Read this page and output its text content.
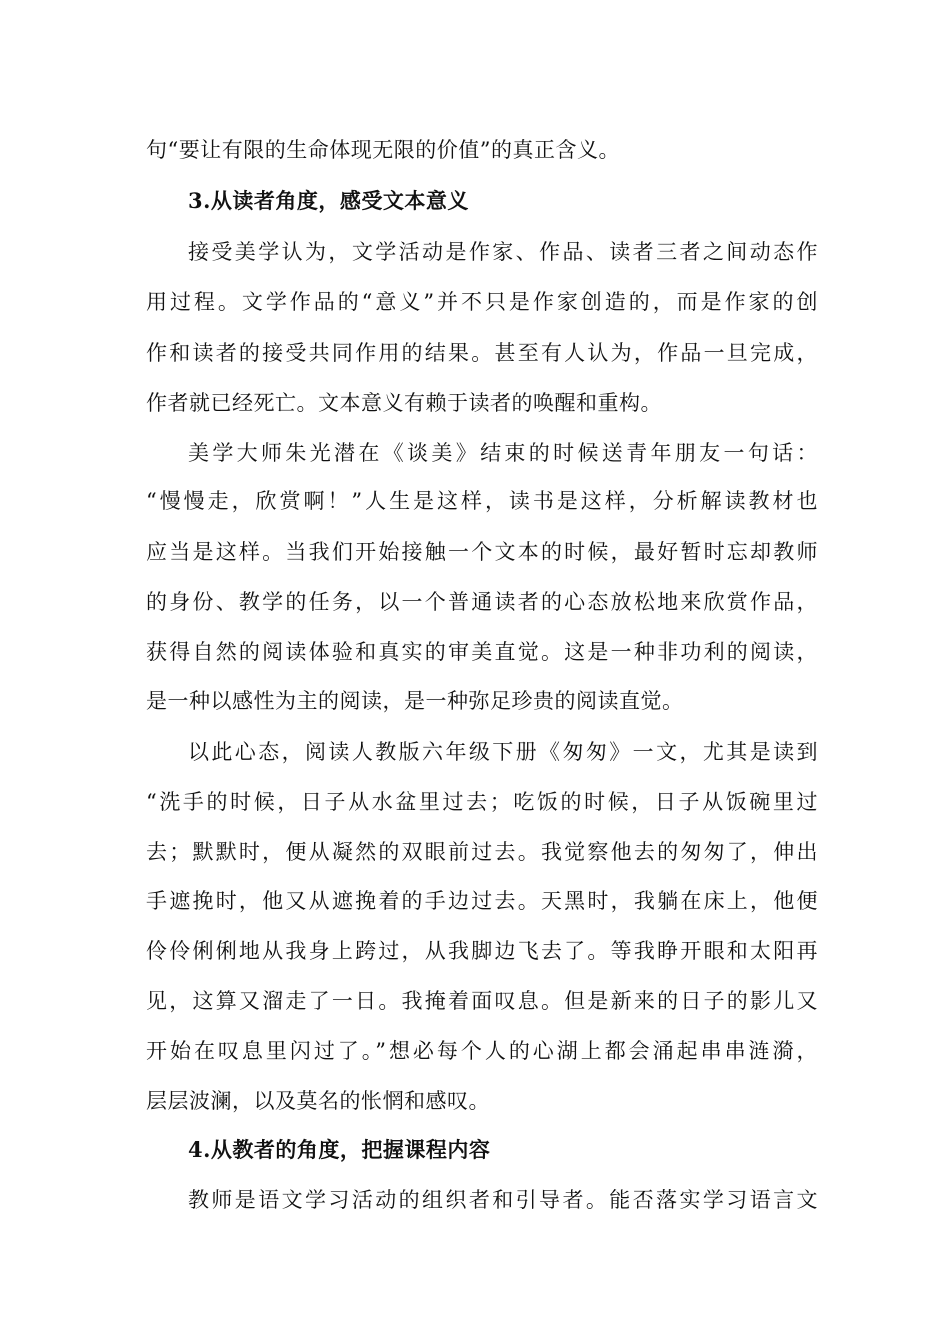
句“要让有限的生命体现无限的价值”的真正含义。
3.从读者角度，感受文本意义
接受美学认为，文学活动是作家、作品、读者三者之间动态作
用过程。文学作品的“意义”并不只是作家创造的，而是作家的创
作和读者的接受共同作用的结果。甚至有人认为，作品一旦完成，
作者就已经死亡。文本意义有赖于读者的唤醒和重构。
美学大师朱光潜在《谈美》结束的时候送青年朋友一句话：
“慢慢走，欣赏啊！”人生是这样，读书是这样，分析解读教材也
应当是这样。当我们开始接触一个文本的时候，最好暂时忘却教师
的身份、教学的任务，以一个普通读者的心态放松地来欣赏作品，
获得自然的阅读体验和真实的审美直觉。这是一种非功利的阅读，
是一种以感性为主的阅读，是一种弥足珍贵的阅读直觉。
以此心态，阅读人教版六年级下册《匆匆》一文，尤其是读到
“洗手的时候，日子从水盆里过去；吃饭的时候，日子从饭碗里过
去；默默时，便从凝然的双眼前过去。我觉察他去的匆匆了，伸出
手遮挽时，他又从遮挽着的手边过去。天黑时，我躺在床上，他便
伶伶俐俐地从我身上跨过，从我脚边飞去了。等我睁开眼和太阳再
见，这算又溜走了一日。我掩着面叹息。但是新来的日子的影儿又
开始在叹息里闪过了。”想必每个人的心湖上都会涌起串串涟漪，
层层波澜，以及莫名的怅惘和感叹。
4.从教者的角度，把握课程内容
教师是语文学习活动的组织者和引导者。能否落实学习语言文
